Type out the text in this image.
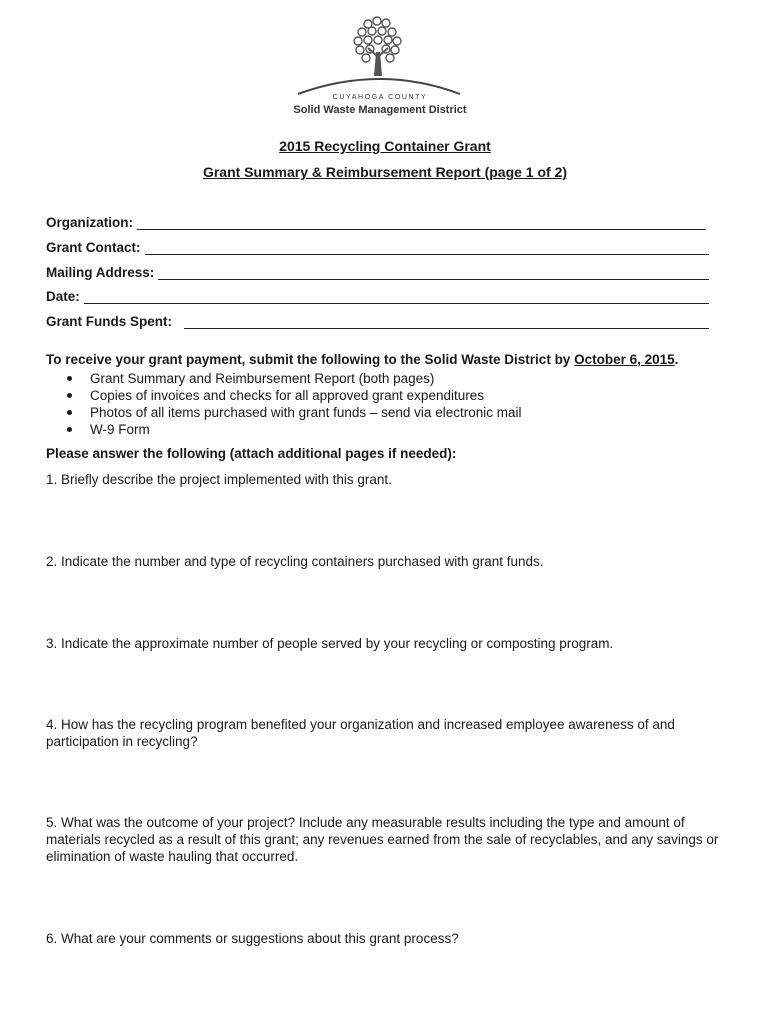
CUYAHOGA COUNTY
Solid Waste Management District
2015 Recycling Container Grant
Grant Summary & Reimbursement Report (page 1 of 2)
Organization:
Grant Contact:
Mailing Address:
Date:
Grant Funds Spent:
To receive your grant payment, submit the following to the Solid Waste District by October 6, 2015.
Grant Summary and Reimbursement Report (both pages)
Copies of invoices and checks for all approved grant expenditures
Photos of all items purchased with grant funds – send via electronic mail
W-9 Form
Please answer the following (attach additional pages if needed):
1. Briefly describe the project implemented with this grant.
2. Indicate the number and type of recycling containers purchased with grant funds.
3. Indicate the approximate number of people served by your recycling or composting program.
4. How has the recycling program benefited your organization and increased employee awareness of and participation in recycling?
5. What was the outcome of your project? Include any measurable results including the type and amount of materials recycled as a result of this grant; any revenues earned from the sale of recyclables, and any savings or elimination of waste hauling that occurred.
6. What are your comments or suggestions about this grant process?
